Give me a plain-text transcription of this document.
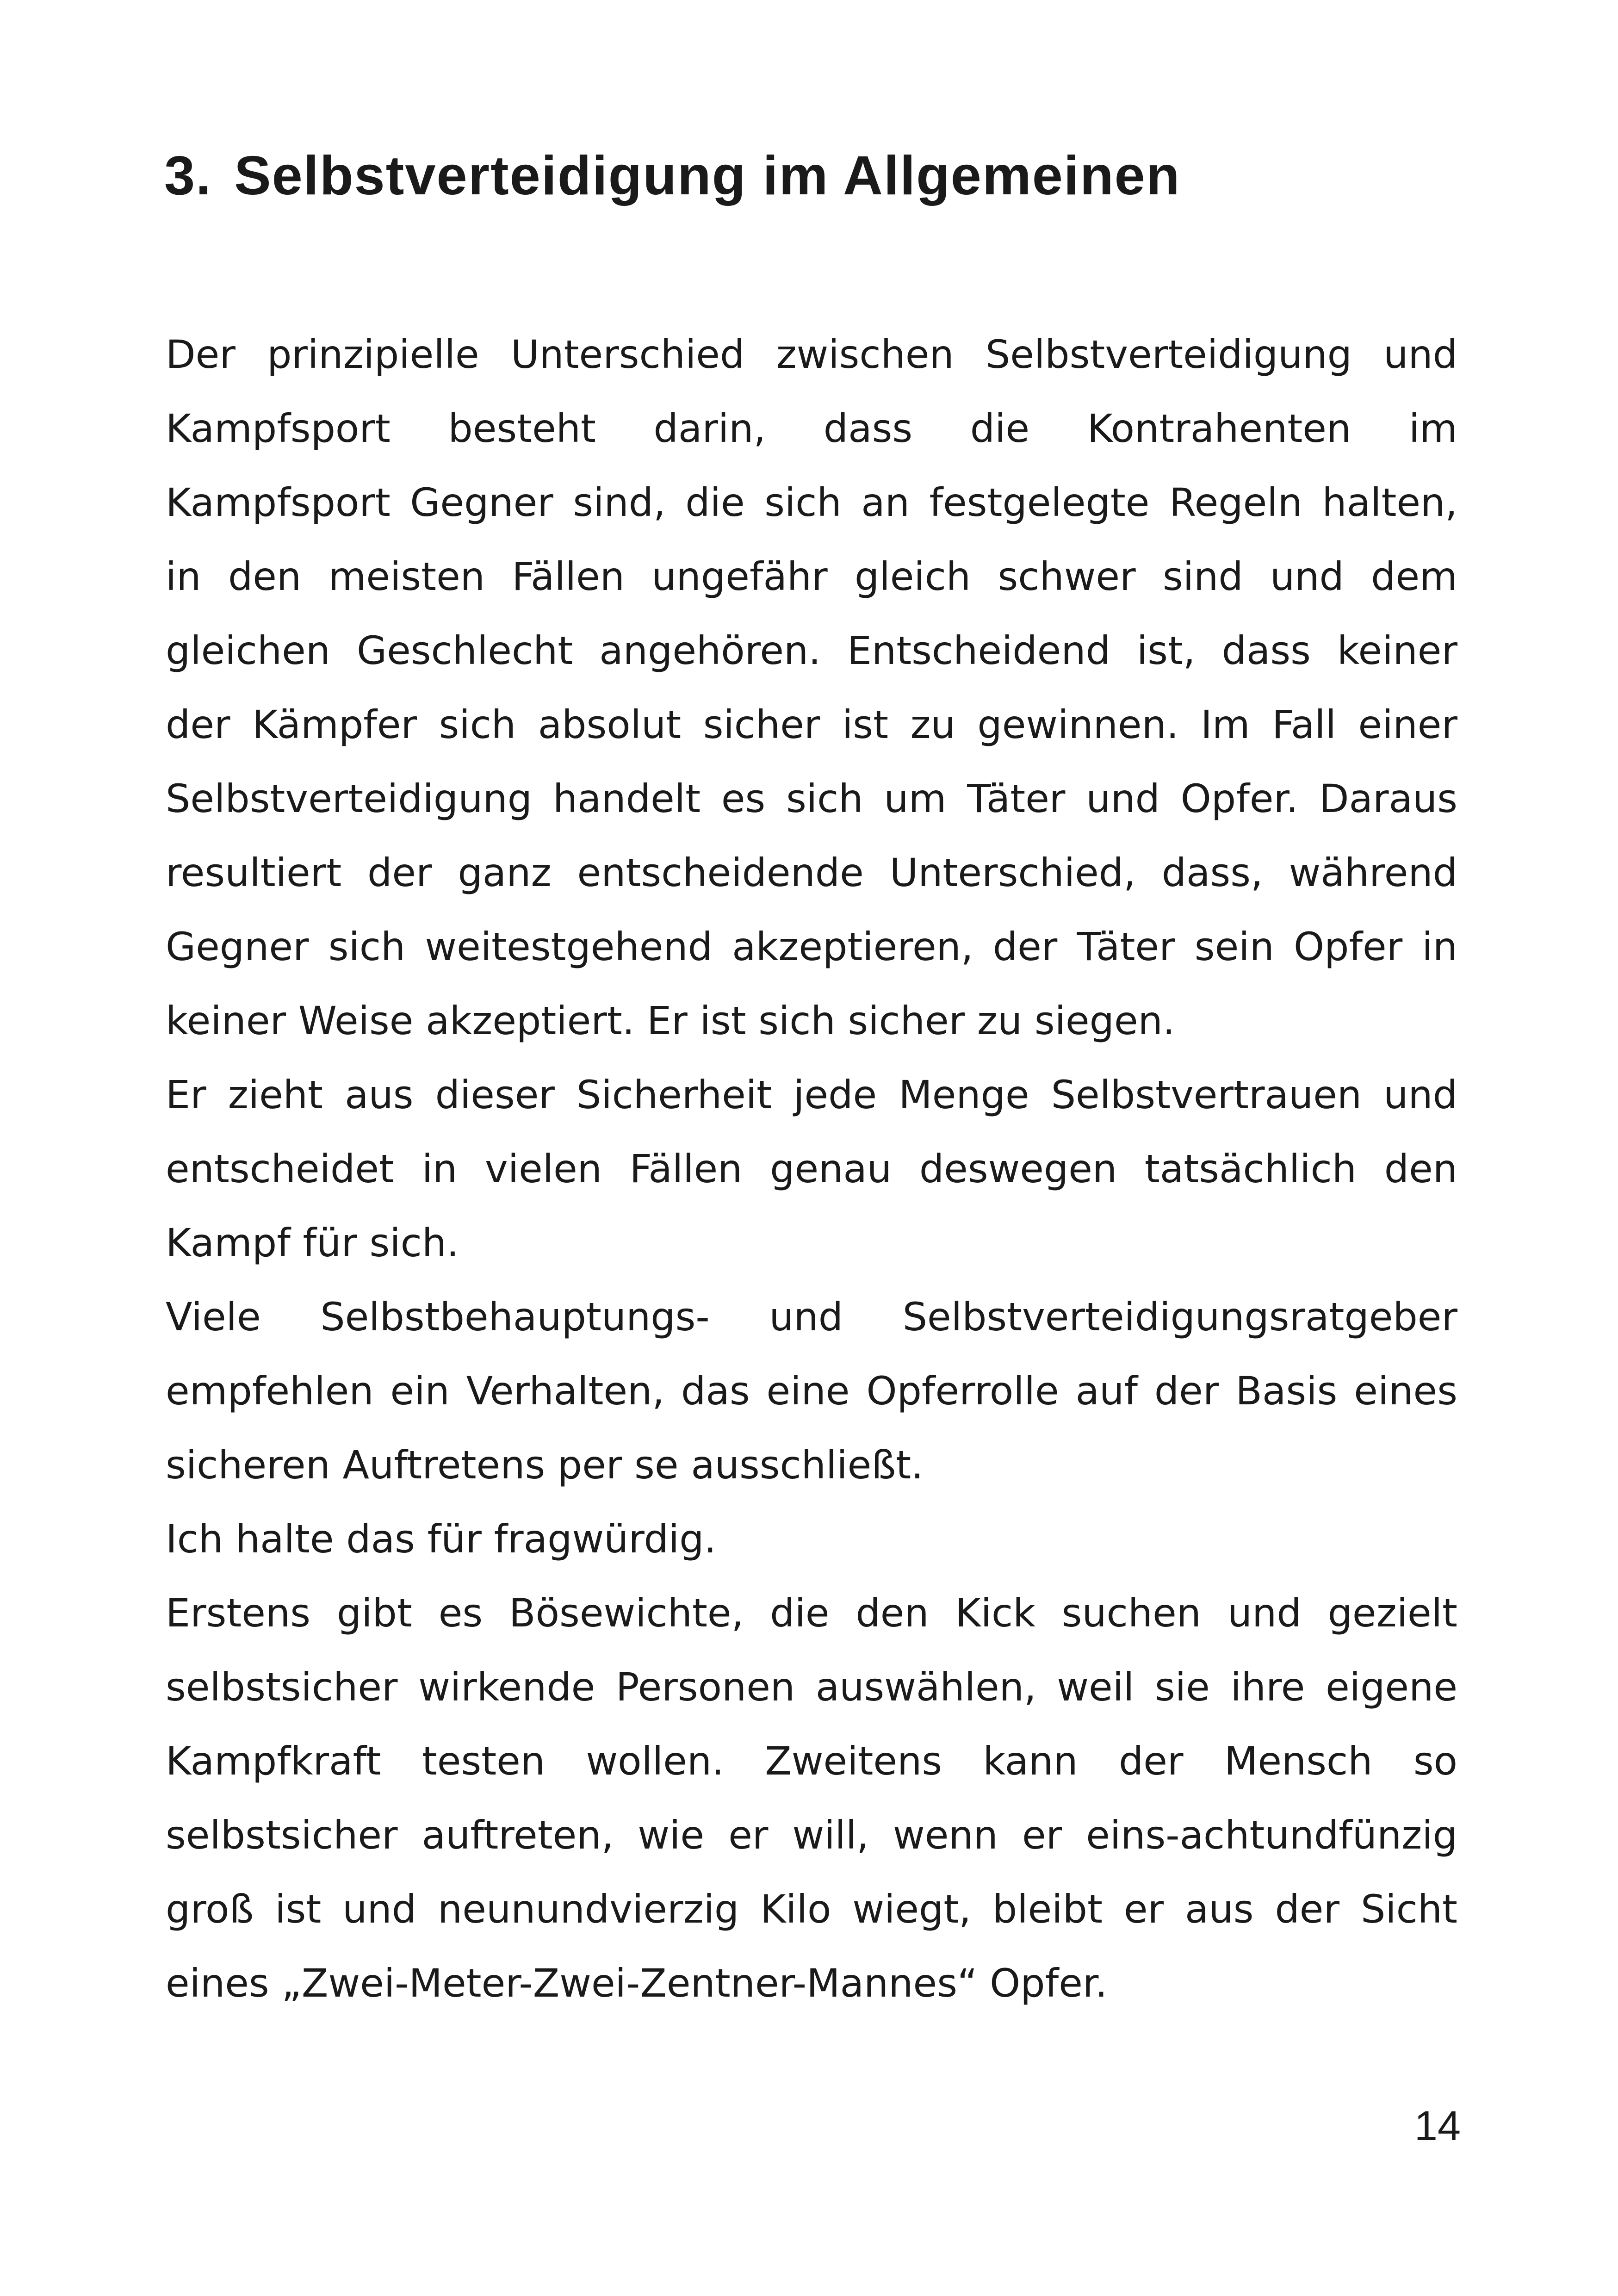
3. Selbstverteidigung im Allgemeinen
Der prinzipielle Unterschied zwischen Selbstverteidigung und
Kampfsport besteht darin, dass die Kontrahenten im
Kampfsport Gegner sind, die sich an festgelegte Regeln halten,
in den meisten Fällen ungefähr gleich schwer sind und dem
gleichen Geschlecht angehören. Entscheidend ist, dass keiner
der Kämpfer sich absolut sicher ist zu gewinnen. Im Fall einer
Selbstverteidigung handelt es sich um Täter und Opfer. Daraus
resultiert der ganz entscheidende Unterschied, dass, während
Gegner sich weitestgehend akzeptieren, der Täter sein Opfer in
keiner Weise akzeptiert. Er ist sich sicher zu siegen.
Er zieht aus dieser Sicherheit jede Menge Selbstvertrauen und
entscheidet in vielen Fällen genau deswegen tatsächlich den
Kampf für sich.
Viele Selbstbehauptungs- und Selbstverteidigungsratgeber
empfehlen ein Verhalten, das eine Opferrolle auf der Basis eines
sicheren Auftretens per se ausschließt.
Ich halte das für fragwürdig.
Erstens gibt es Bösewichte, die den Kick suchen und gezielt
selbstsicher wirkende Personen auswählen, weil sie ihre eigene
Kampfkraft testen wollen. Zweitens kann der Mensch so
selbstsicher auftreten, wie er will, wenn er eins-achtundfünzig
groß ist und neunundvierzig Kilo wiegt, bleibt er aus der Sicht
eines „Zwei-Meter-Zwei-Zentner-Mannes“ Opfer.
14
